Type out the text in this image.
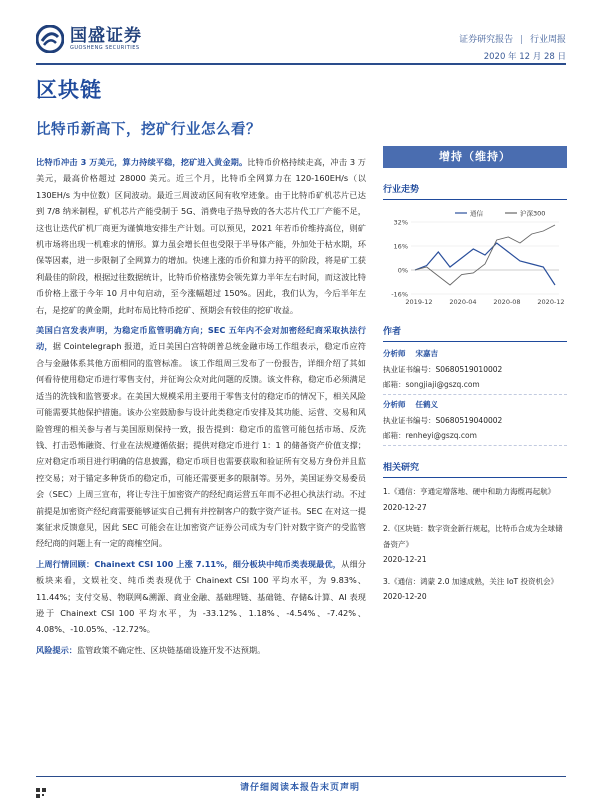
国盛证券
GUOSHENG SECURITIES
证券研究报告 | 行业周报
2020 年 12 月 28 日
区块链
比特币新高下，挖矿行业怎么看？

比特币冲击 3 万美元，算力持续平稳，挖矿进入黄金期。比特币价格持续走高，冲击 3 万美元，最高价格超过 28000 美元。近三个月，比特币全网算力在 120-160EH/s（以 130EH/s 为中位数）区间波动。最近三周波动区间有收窄迹象。由于比特币矿机芯片已达到 7/8 纳米制程，矿机芯片产能受制于 5G、消费电子热导致的各大芯片代工厂产能不足，这也让迭代矿机厂商更为谨慎地安排生产计划。可以预见，2021 年若币价维持高位，则矿机市场将出现一机难求的情形。算力虽会增长但也受限于半导体产能，外加处于枯水期，环保等因素，进一步限制了全网算力的增加。快速上涨的币价和算力持平的阶段，将是矿工获利最佳的阶段，根据过往数据统计，比特币价格涨势会领先算力半年左右时间，而这波比特币价格上涨于今年 10 月中旬启动，至今涨幅超过 150%。因此，我们认为，今后半年左右，是挖矿的黄金期，此时布局比特币挖矿、预期会有较佳的挖矿收益。

美国白宫发表声明，为稳定币监管明确方向；SEC 五年内不会对加密经纪商采取执法行动，据 Cointelegraph 报道，近日美国白宫特朗普总统金融市场工作组表示，稳定币应符合与金融体系其他方面相同的监管标准。 该工作组周三发布了一份报告，详细介绍了其如何看待使用稳定币进行零售支付，并征询公众对此问题的反馈。该文件称，稳定币必须满足适当的洗钱和监管要求。在美国大规模采用主要用于零售支付的稳定币的情况下，相关风险可能需要其他保护措施。该办公室鼓励参与设计此类稳定币安排及其功能、运营、交易和风险管理的相关参与者与美国原则保持一致，报告提到：稳定币的监管可能包括市场、反洗钱、打击恐怖融资、行业在法规遵循依据；提供对稳定币进行 1：1 的储备资产价值支撑；应对稳定币项目进行明确的信息披露，稳定币项目也需要获取和验证所有交易方身份并且监控交易；对于锚定多种货币的稳定币，可能还需要更多的限制等。另外，美国证券交易委员会（SEC）上周三宣布，将让专注于加密资产的经纪商运营五年而不必担心执法行动。不过前提是加密资产经纪商需要能够证实自己拥有并控制客户的数字资产证书。SEC 在对这一提案征求反馈意见，因此 SEC 可能会在让加密资产证券公司成为专门针对数字资产的受监管经纪商的问题上有一定的商榷空间。

上周行情回顾：Chainext CSI 100 上涨 7.11%，细分板块中纯币类表现最优，从细分板块来看，文娱社交、纯币类表现优于 Chainext CSI 100 平均水平，为 9.83%、11.44%；支付交易、物联网&溯源、商业金融、基础理链、基础链、存储&计算、AI 表现逊于 Chainext CSI 100 平均水平，为 -33.12%、1.18%、-4.54%、-7.42%、4.08%、-10.05%、-12.72%。

风险提示：监管政策不确定性、区块链基础设施开发不达预期。

增持（维持）
行业走势
32%
16%
0%
-16%
2019-12	2020-04	2020-08	2020-12
通信	沪深300
作者
分析师 宋嘉吉
执业证书编号：S0680519010002
邮箱：songjiaji@gszq.com
分析师 任鹤义
执业证书编号：S0680519040002
邮箱：renheyi@gszq.com
相关研究
1.《通信：亨通定增落地、硬中和助力海缆再起航》
2020-12-27
2.《区块链：数字资金新行规起，比特币合成为全球储备资产》
2020-12-21
3.《通信：鸿蒙 2.0 加速成熟，关注 IoT 投资机会》
2020-12-20
请仔细阅读本报告末页声明
